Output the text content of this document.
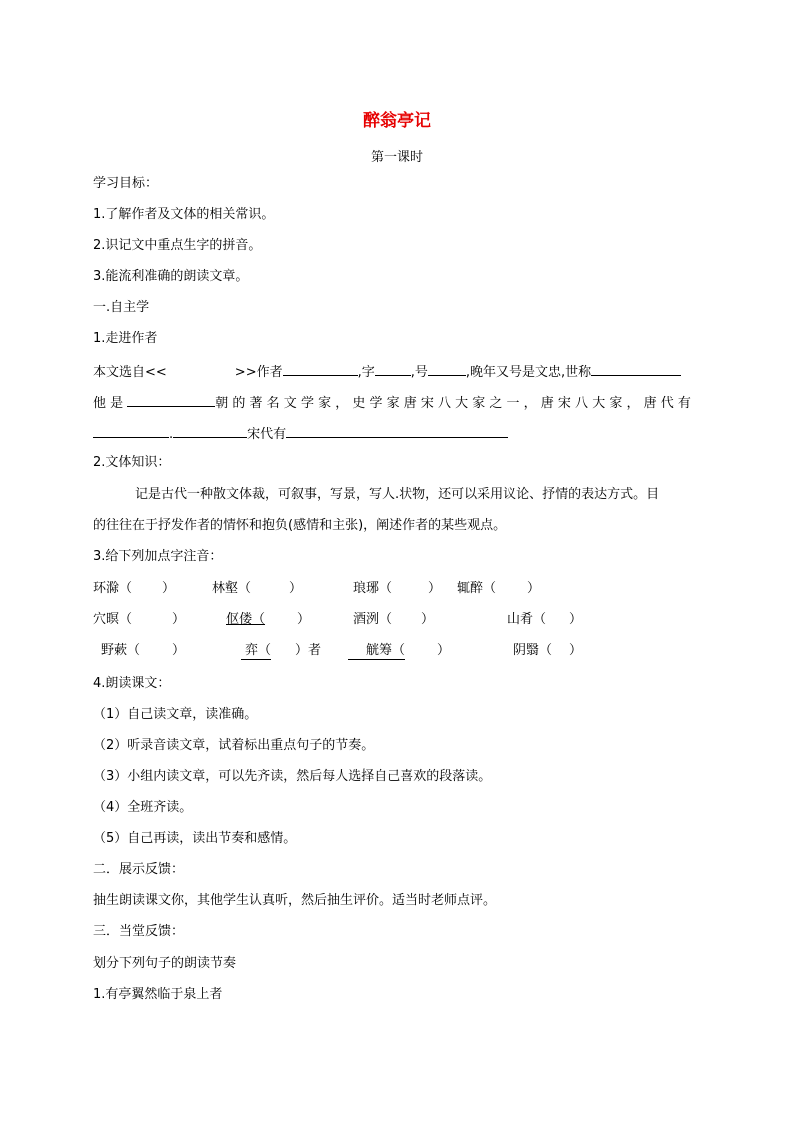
醉翁亭记
第一课时
学习目标：
1.了解作者及文体的相关常识。
2.识记文中重点生字的拼音。
3.能流利准确的朗读文章。
一.自主学
1.走进作者
本文选自<<	>>作者	,字	,号	,晚年又号是文忠,世称
他 是	朝 的 著 名 文 学 家 ， 史 学 家 唐 宋 八 大 家 之 一 ， 唐 宋 八 大 家 ， 唐 代 有
.	宋代有
2.文体知识：
记是古代一种散文体裁，可叙事，写景，写人.状物，还可以采用议论、抒情的表达方式。目
的往往在于抒发作者的情怀和抱负(感情和主张)，阐述作者的某些观点。
3.给下列加点字注音：
环滁（ ）	林壑（	）	琅琊（	） 辄醉（ ）
穴暝（	）	伛偻（ ）	酒洌（ ）	山肴（ ）
野蔌（ ）	弈（ ）者	觥筹（ ）	阴翳（ ）
4.朗读课文：
（1）自己读文章，读准确。
（2）听录音读文章，试着标出重点句子的节奏。
（3）小组内读文章，可以先齐读，然后每人选择自己喜欢的段落读。
（4）全班齐读。
（5）自己再读，读出节奏和感情。
二．展示反馈：
抽生朗读课文你，其他学生认真听，然后抽生评价。适当时老师点评。
三．当堂反馈：
划分下列句子的朗读节奏
1.有亭翼然临于泉上者
